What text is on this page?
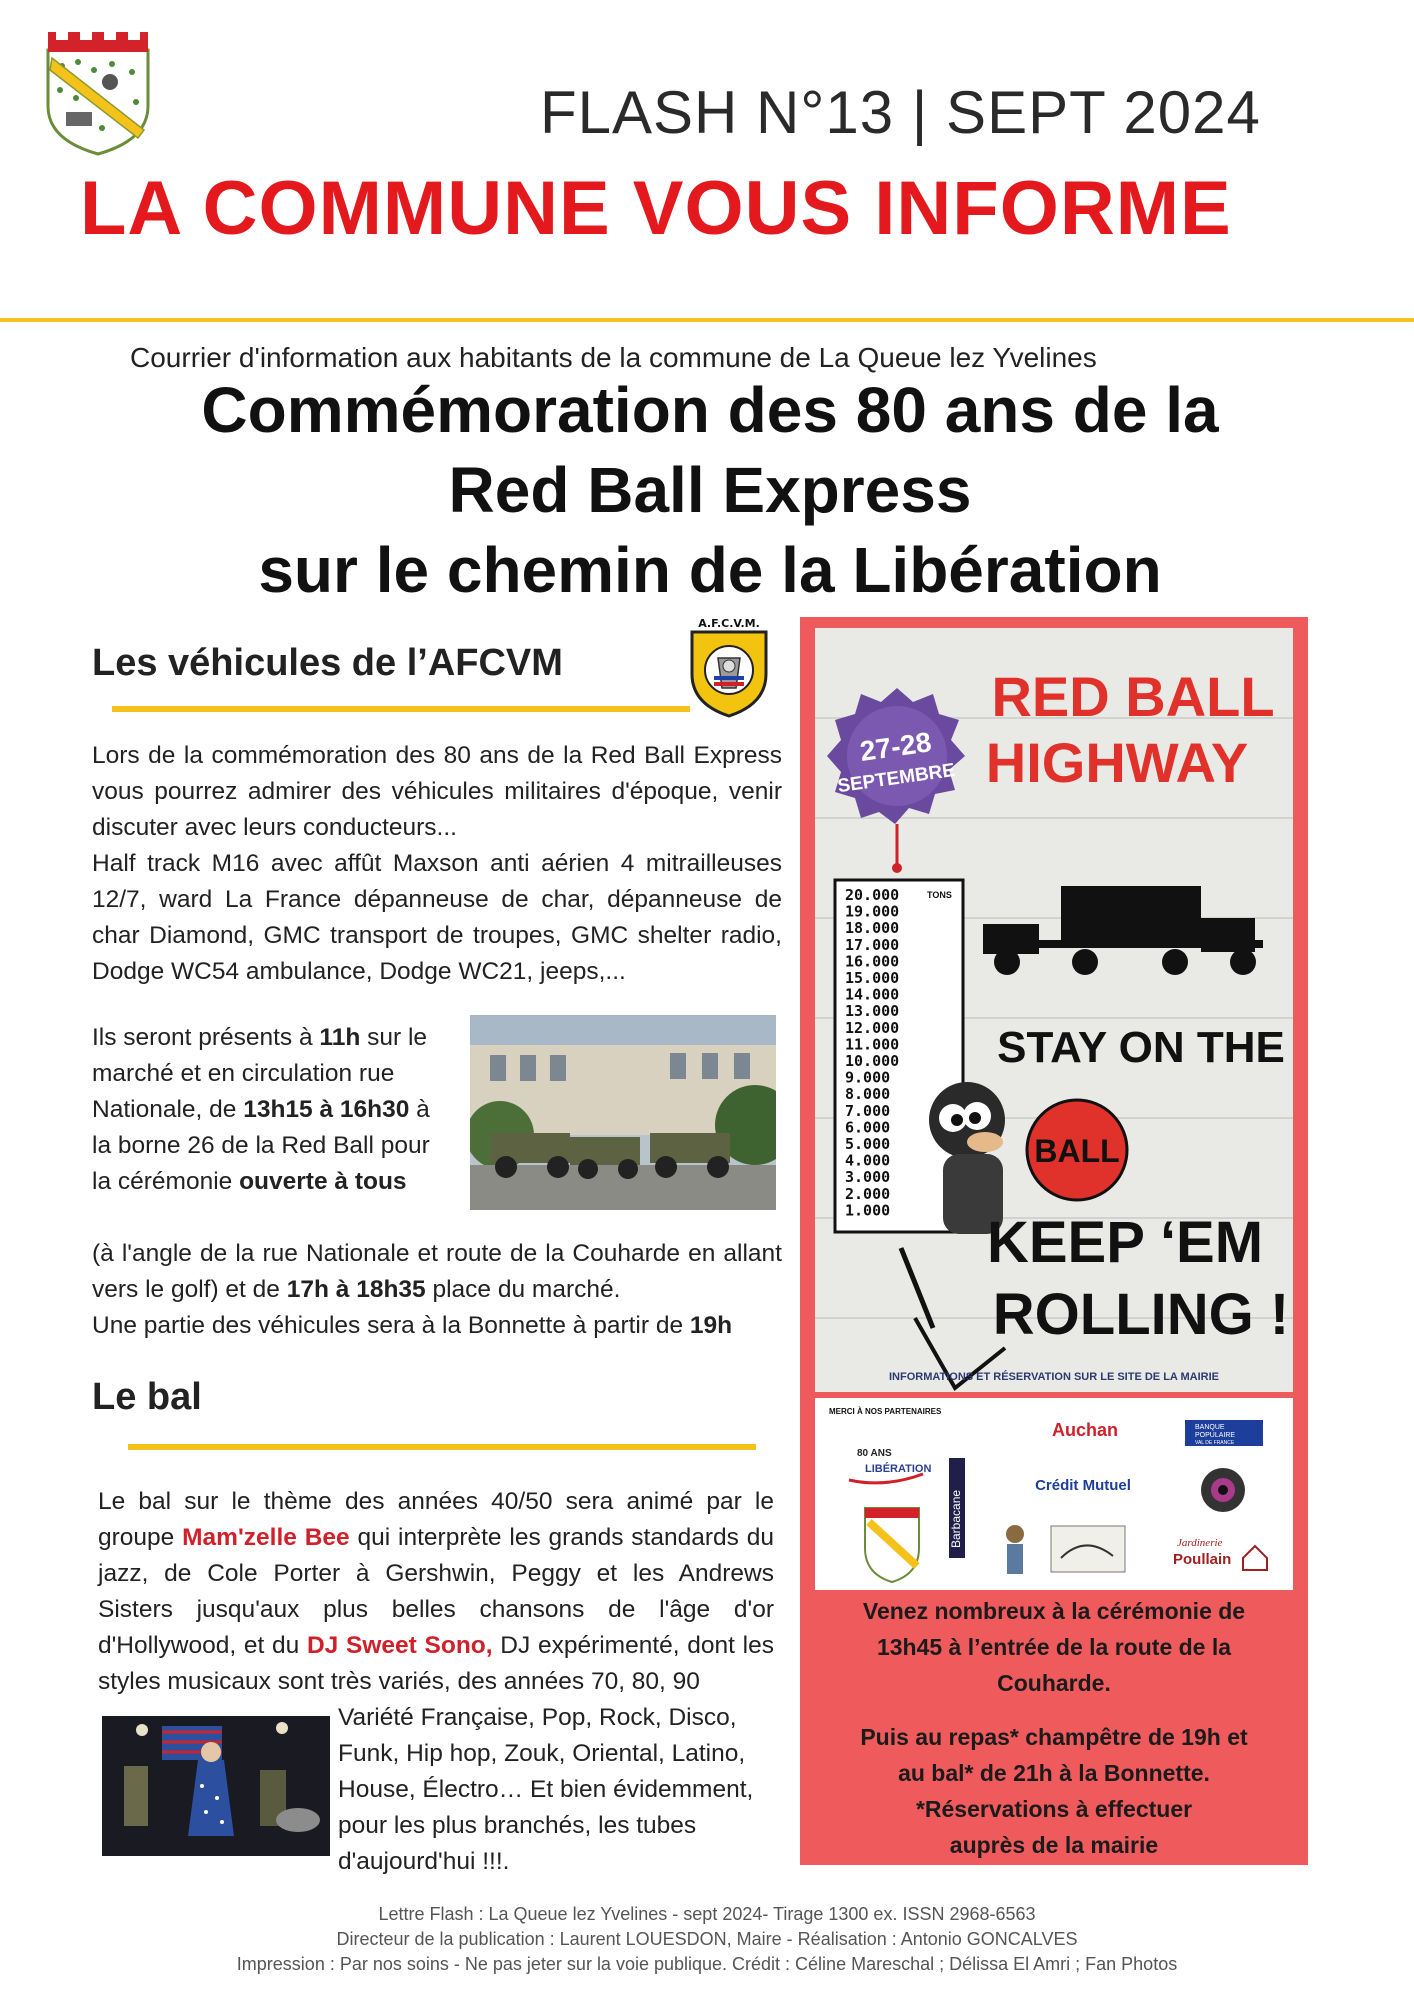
FLASH N°13 | SEPT 2024
LA COMMUNE VOUS INFORME
Courrier d'information aux habitants de la commune de La Queue lez Yvelines
Commémoration des 80 ans de la
Red Ball Express
sur le chemin de la Libération
Les véhicules de l’AFCVM
A.F.C.V.M.
Lors de la commémoration des 80 ans de la Red Ball Express vous pourrez admirer des véhicules militaires d'époque, venir discuter avec leurs conducteurs...
Half track M16 avec affût Maxson anti aérien 4 mitrailleuses 12/7, ward La France dépanneuse de char, dépanneuse de char Diamond, GMC transport de troupes, GMC shelter radio, Dodge WC54 ambulance, Dodge WC21, jeeps,...
Ils seront présents à 11h sur le marché et en circulation rue Nationale, de 13h15 à 16h30 à la borne 26 de la Red Ball pour la cérémonie ouverte à tous
(à l'angle de la rue Nationale et route de la Couharde en allant vers le golf) et de 17h à 18h35 place du marché.
Une partie des véhicules sera à la Bonnette à partir de 19h
Le bal
Le bal sur le thème des années 40/50 sera animé par le groupe Mam'zelle Bee qui interprète les grands standards du jazz, de Cole Porter à Gershwin, Peggy et les Andrews Sisters jusqu'aux plus belles chansons de l'âge d'or d'Hollywood, et du DJ Sweet Sono, DJ expérimenté, dont les styles musicaux sont très variés, des années 70, 80, 90
Variété Française, Pop, Rock, Disco, Funk, Hip hop, Zouk, Oriental, Latino, House, Électro… Et bien évidemment, pour les plus branchés, les tubes d'aujourd'hui !!!.
RED BALL
HIGHWAY
27-28
SEPTEMBRE
20.000
19.000
18.000
17.000
16.000
15.000
14.000
13.000
12.000
11.000
10.000
9.000
8.000
7.000
6.000
5.000
4.000
3.000
2.000
1.000
TONS
STAY ON THE
BALL
KEEP ‘EM
ROLLING !
INFORMATIONS ET RÉSERVATION SUR LE SITE DE LA MAIRIE
MERCI À NOS PARTENAIRES
80 ANS
LIBÉRATION
Barbacane
Auchan	BANQUE
POPULAIRE
VAL DE FRANCE
Crédit Mutuel
Jardinerie
Poullain
Venez nombreux à la cérémonie de 13h45 à l’entrée de la route de la Couharde.
Puis au repas* champêtre de 19h et au bal* de 21h à la Bonnette.
*Réservations à effectuer auprès de la mairie
Lettre Flash : La Queue lez Yvelines - sept 2024- Tirage 1300 ex. ISSN 2968-6563
Directeur de la publication : Laurent LOUESDON, Maire - Réalisation : Antonio GONCALVES
Impression : Par nos soins - Ne pas jeter sur la voie publique. Crédit : Céline Mareschal ; Délissa El Amri ; Fan Photos
